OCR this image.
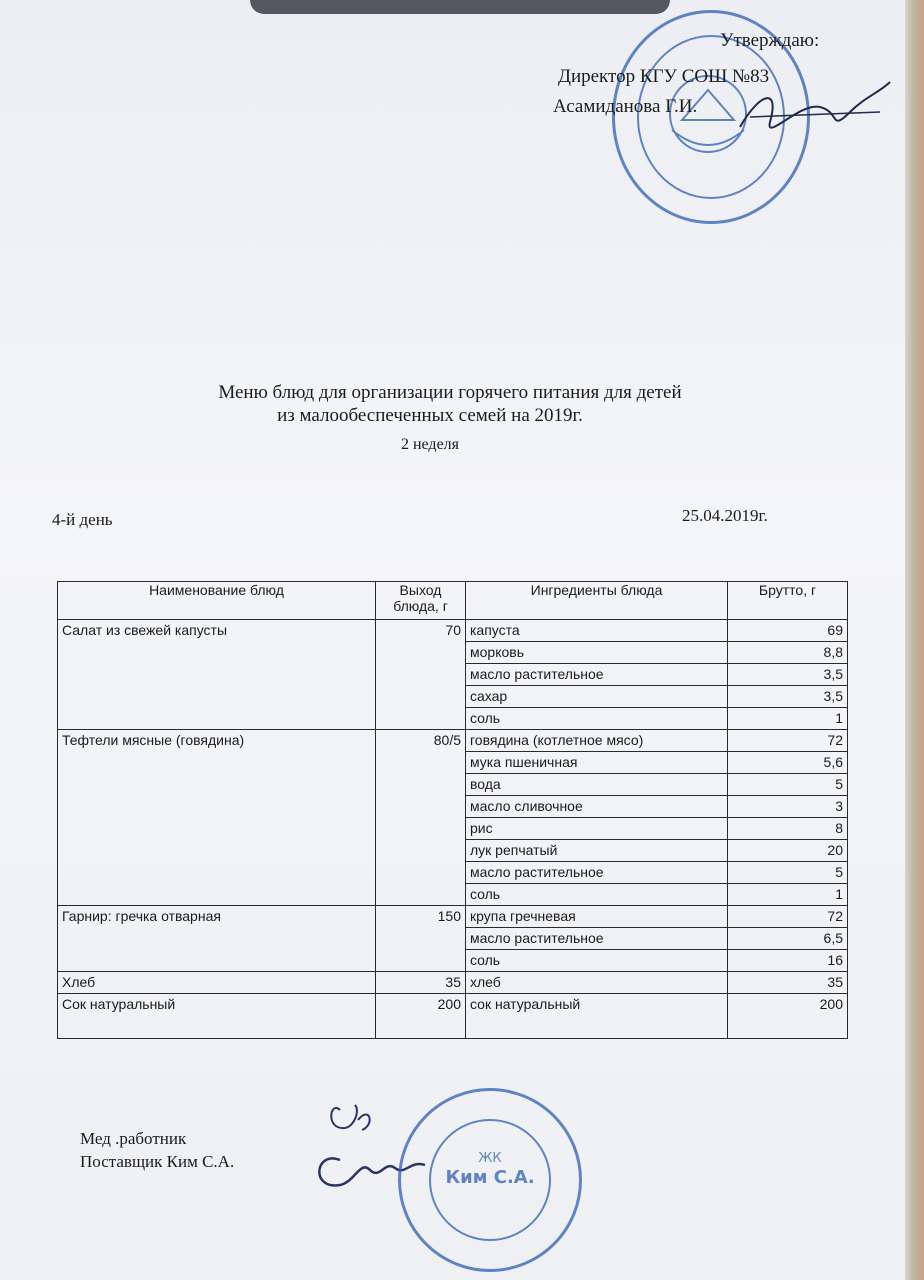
Утверждаю:
Директор КГУ СОШ №83
Асамиданова Г.И.
Меню блюд для организации горячего питания для детей
из малообеспеченных семей на 2019г.
2 неделя
4-й день	25.04.2019г.
Наименование блюд	Выход блюда, г	Ингредиенты блюда	Брутто, г
Салат из свежей капусты	70	капуста	69
		морковь	8,8
		масло растительное	3,5
		сахар	3,5
		соль	1
Тефтели мясные (говядина)	80/5	говядина (котлетное мясо)	72
		мука пшеничная	5,6
		вода	5
		масло сливочное	3
		рис	8
		лук репчатый	20
		масло растительное	5
		соль	1
Гарнир: гречка отварная	150	крупа гречневая	72
		масло растительное	6,5
		соль	16
Хлеб	35	хлеб	35
Сок натуральный	200	сок натуральный	200
Мед .работник
Поставщик Ким С.А.	ЖК
Ким С.А.
